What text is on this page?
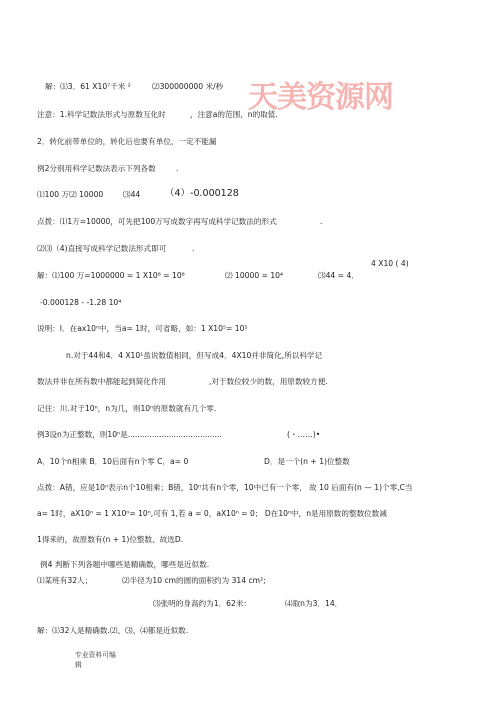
天美资源网
解：⑴3．61 X10⁷千米 ²	⑵300000000 米/秒
注意：1.科学记数法形式与原数互化时	，注意a的范围，n的取值.
2．转化前带单位的，转化后也要有单位，一定不能漏
例2分别用科学记数法表示下列各数	.
⑴100 万⑵ 10000	⑶44	（4）-0.000128
点拨：⑴1万=10000，可先把100万写成数字再写成科学记数法的形式	.
⑵⑶（4)直接写成科学记数法形式即可	.
4 X10 ( 4)
解：⑴100 万=1000000 = 1 X10⁶ = 10⁶	⑵ 10000 = 10⁴	⑶44 = 4．
-0.000128 - -1.28 10⁴
说明：Ⅰ．在ax10ⁿ中，当a= 1时，可省略，如：1 X10⁵= 10⁵
n.对于44和4．4 X10¹虽说数值相同，但写成4．4X10并非简化,所以科学记
数法并非在所有数中都能起到简化作用	,对于数位较少的数，用原数较方便.
记住：川.对于10ⁿ，n为几，则10ⁿ的原数就有几个零.
例3设n为正整数，则10ⁿ是.......................................	(・……)•
A．10个n相乘 B．10后面有n个零 C．a= 0	D．是一个(n + 1)位整数
点拨：A错，应是10ⁿ表示n个10相乘；B错，10ⁿ共有n个零，10中已有一个零， 故 10 后面有(n — 1)个零,C当
a= 1时，aX10ⁿ = 1 X10ⁿ= 10ⁿ,可有 1,若 a = 0，aX10ⁿ = 0； D在10ⁿ中，n是用原数的整数位数减
1得来的，故原数有(n + 1)位整数、故选D.
例4 判断下列各题中哪些是精确数，哪些是近似数.
⑴某班有32人；	⑵半径为10 cm的圆的面积约为 314 cm²;
⑶张明的身高约为1．62米：	⑷取n为3．14．
解：⑴32人是精确数.⑵、⑶、⑷都是近似数.
专业资料可编
辑
